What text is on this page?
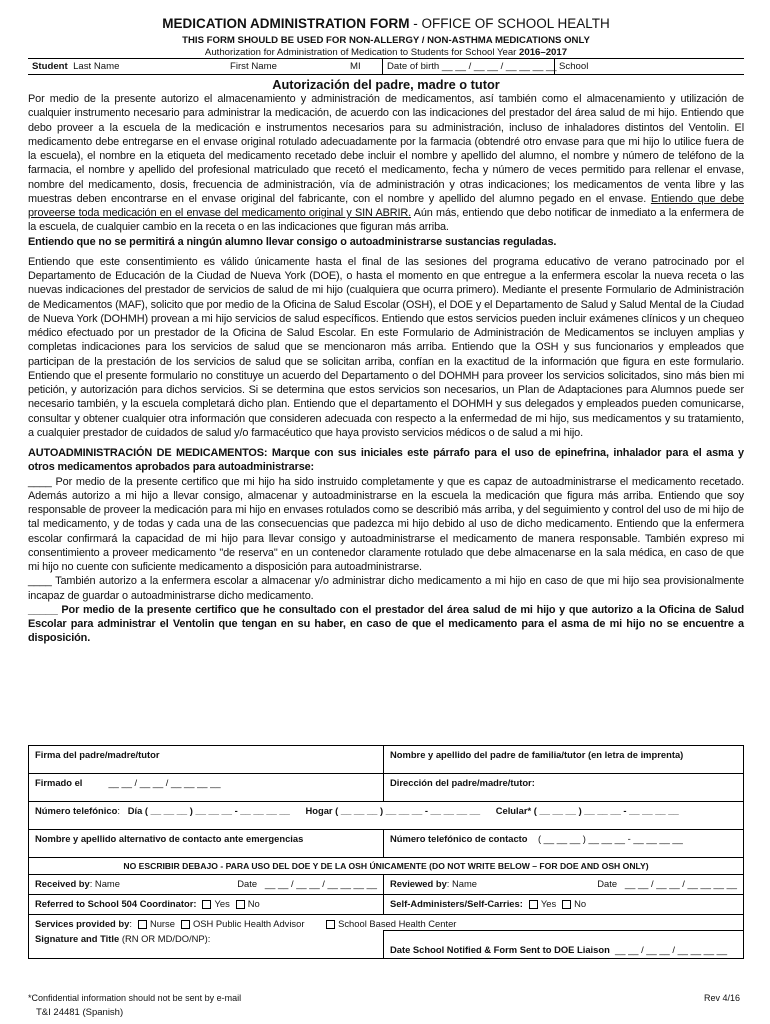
MEDICATION ADMINISTRATION FORM - OFFICE OF SCHOOL HEALTH
THIS FORM SHOULD BE USED FOR NON-ALLERGY / NON-ASTHMA MEDICATIONS ONLY
Authorization for Administration of Medication to Students for School Year 2016–2017
Student Last Name	First Name	MI	Date of birth __ __ / __ __ / __ __ __ __ School
Autorización del padre, madre o tutor

Por medio de la presente autorizo el almacenamiento y administración de medicamentos, así también como el almacenamiento y utilización de cualquier instrumento necesario para administrar la medicación, de acuerdo con las indicaciones del prestador del área salud de mi hijo. Entiendo que debo proveer a la escuela de la medicación e instrumentos necesarios para su administración, incluso de inhaladores distintos del Ventolin. El medicamento debe entregarse en el envase original rotulado adecuadamente por la farmacia (obtendré otro envase para que mi hijo lo utilice fuera de la escuela), el nombre en la etiqueta del medicamento recetado debe incluir el nombre y apellido del alumno, el nombre y número de teléfono de la farmacia, el nombre y apellido del profesional matriculado que recetó el medicamento, fecha y número de veces permitido para rellenar el envase, nombre del medicamento, dosis, frecuencia de administración, vía de administración y otras indicaciones; los medicamentos de venta libre y las muestras deben encontrarse en el envase original del fabricante, con el nombre y apellido del alumno pegado en el envase. Entiendo que debe proveerse toda medicación en el envase del medicamento original y SIN ABRIR. Aún más, entiendo que debo notificar de inmediato a la enfermera de la escuela, de cualquier cambio en la receta o en las indicaciones que figuran más arriba.

Entiendo que no se permitirá a ningún alumno llevar consigo o autoadministrarse sustancias reguladas.

Entiendo que este consentimiento es válido únicamente hasta el final de las sesiones del programa educativo de verano patrocinado por el Departamento de Educación de la Ciudad de Nueva York (DOE), o hasta el momento en que entregue a la enfermera escolar la nueva receta o las nuevas indicaciones del prestador de servicios de salud de mi hijo (cualquiera que ocurra primero). Mediante el presente Formulario de Administración de Medicamentos (MAF), solicito que por medio de la Oficina de Salud Escolar (OSH), el DOE y el Departamento de Salud y Salud Mental de la Ciudad de Nueva York (DOHMH) provean a mi hijo servicios de salud específicos. Entiendo que estos servicios pueden incluir exámenes clínicos y un chequeo médico efectuado por un prestador de la Oficina de Salud Escolar. En este Formulario de Administración de Medicamentos se incluyen amplias y completas indicaciones para los servicios de salud que se mencionaron más arriba. Entiendo que la OSH y sus funcionarios y empleados que participan de la prestación de los servicios de salud que se solicitan arriba, confían en la exactitud de la información que figura en este formulario. Entiendo que el presente formulario no constituye un acuerdo del Departamento o del DOHMH para proveer los servicios solicitados, sino más bien mi petición, y autorización para dichos servicios. Si se determina que estos servicios son necesarios, un Plan de Adaptaciones para Alumnos puede ser necesario también, y la escuela completará dicho plan. Entiendo que el departamento el DOHMH y sus delegados y empleados pueden comunicarse, consultar y obtener cualquier otra información que consideren adecuada con respecto a la enfermedad de mi hijo, sus medicamentos y su tratamiento, a cualquier prestador de cuidados de salud y/o farmacéutico que haya provisto servicios médicos o de salud a mi hijo.

AUTOADMINISTRACIÓN DE MEDICAMENTOS: Marque con sus iniciales este párrafo para el uso de epinefrina, inhalador para el asma y otros medicamentos aprobados para autoadministrarse:

____ Por medio de la presente certifico que mi hijo ha sido instruido completamente y que es capaz de autoadministrarse el medicamento recetado. Además autorizo a mi hijo a llevar consigo, almacenar y autoadministrarse en la escuela la medicación que figura más arriba. Entiendo que soy responsable de proveer la medicación para mi hijo en envases rotulados como se describió más arriba, y del seguimiento y control del uso de mi hijo de tal medicamento, y de todas y cada una de las consecuencias que padezca mi hijo debido al uso de dicho medicamento. Entiendo que la enfermera escolar confirmará la capacidad de mi hijo para llevar consigo y autoadministrarse el medicamento de manera responsable. También expreso mi consentimiento a proveer medicamento "de reserva" en un contenedor claramente rotulado que debe almacenarse en la sala médica, en caso de que mi hijo no cuente con suficiente medicamento a disposición para autoadministrarse.

____ También autorizo a la enfermera escolar a almacenar y/o administrar dicho medicamento a mi hijo en caso de que mi hijo sea provisionalmente incapaz de guardar o autoadministrarse dicho medicamento.

_____ Por medio de la presente certifico que he consultado con el prestador del área salud de mi hijo y que autorizo a la Oficina de Salud Escolar para administrar el Ventolin que tengan en su haber, en caso de que el medicamento para el asma de mi hijo no se encuentre a disposición.

Firma del padre/madre/tutor	Nombre y apellido del padre de familia/tutor (en letra de imprenta)
Firmado el __ __ / __ __ / __ __ __ __	Dirección del padre/madre/tutor:
Número telefónico:   Día ( __ __ __ ) __ __ __ - __ __ __ __ Hogar ( __ __ __ ) __ __ __ - __ __ __ __ Celular* ( __ __ __ ) __ __ __ - __ __ __ __	
Nombre y apellido alternativo de contacto ante emergencias	Número telefónico de contacto ( __ __ __ ) __ __ __ - __ __ __ __
NO ESCRIBIR DEBAJO - PARA USO DEL DOE Y DE LA OSH ÚNICAMENTE (DO NOT WRITE BELOW – FOR DOE AND OSH ONLY)	
Received by: Name Date __ __ / __ __ / __ __ __ __	Reviewed by: Name Date __ __ / __ __ / __ __ __ __

Referred to School 504 Coordinator: Yes No	Self-Administers/Self-Carries: Yes No
Services provided by: Nurse OSH Public Health Advisor School Based Health Center	
Signature and Title (RN OR MD/DO/NP):	Date School Notified & Form Sent to DOE Liaison __ __ / __ __ / __ __ __ __
*Confidential information should not be sent by e-mail	Rev 4/16
T&I 24481 (Spanish)
